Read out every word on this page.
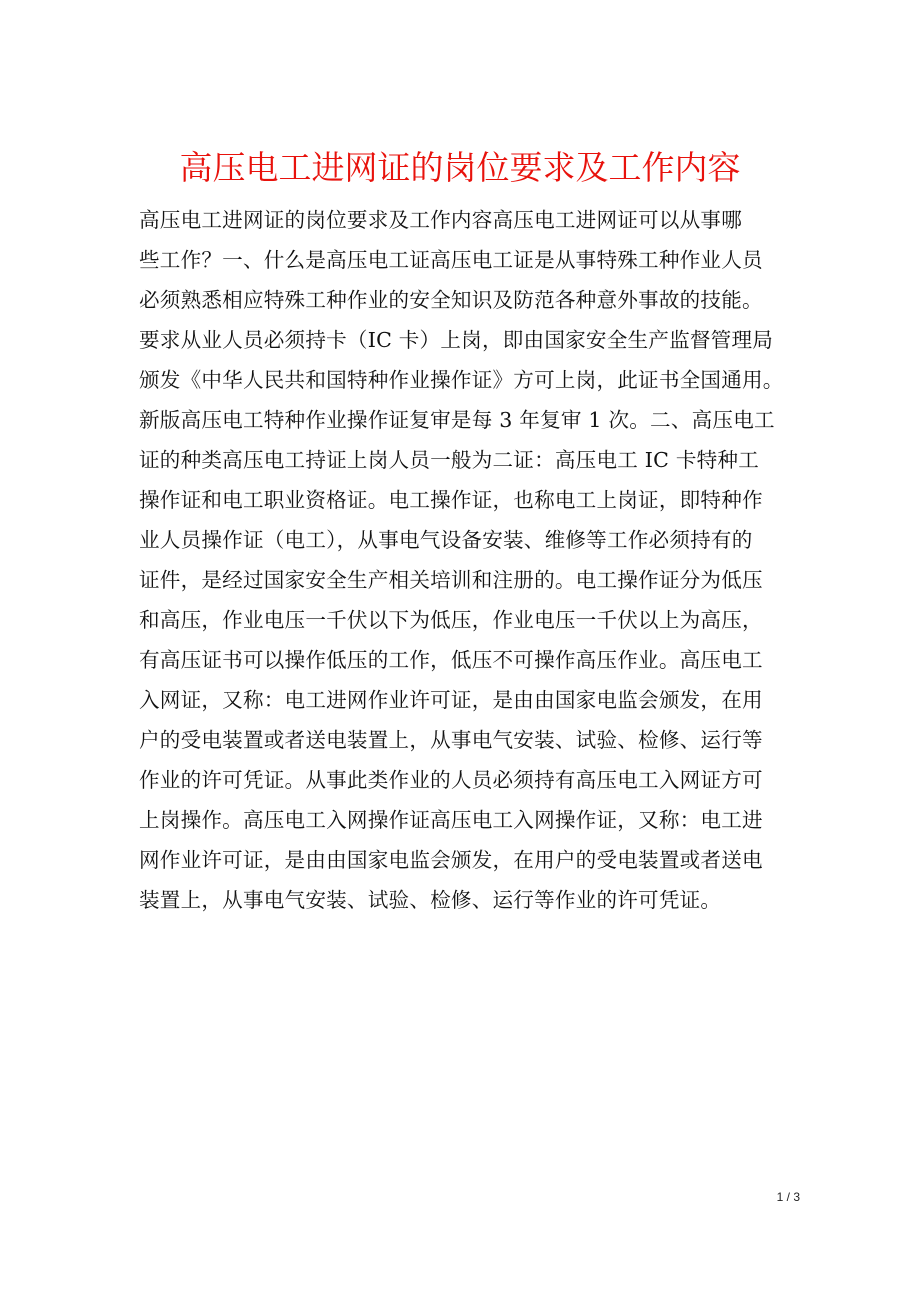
高压电工进网证的岗位要求及工作内容
高压电工进网证的岗位要求及工作内容高压电工进网证可以从事哪
些工作？一、什么是高压电工证高压电工证是从事特殊工种作业人员
必须熟悉相应特殊工种作业的安全知识及防范各种意外事故的技能。
要求从业人员必须持卡（IC 卡）上岗，即由国家安全生产监督管理局
颁发《中华人民共和国特种作业操作证》方可上岗，此证书全国通用。
新版高压电工特种作业操作证复审是每 3 年复审 1 次。二、高压电工
证的种类高压电工持证上岗人员一般为二证：高压电工 IC 卡特种工
操作证和电工职业资格证。电工操作证，也称电工上岗证，即特种作
业人员操作证（电工），从事电气设备安装、维修等工作必须持有的
证件，是经过国家安全生产相关培训和注册的。电工操作证分为低压
和高压，作业电压一千伏以下为低压，作业电压一千伏以上为高压，
有高压证书可以操作低压的工作，低压不可操作高压作业。高压电工
入网证，又称：电工进网作业许可证，是由由国家电监会颁发，在用
户的受电装置或者送电装置上，从事电气安装、试验、检修、运行等
作业的许可凭证。从事此类作业的人员必须持有高压电工入网证方可
上岗操作。高压电工入网操作证高压电工入网操作证，又称：电工进
网作业许可证，是由由国家电监会颁发，在用户的受电装置或者送电
装置上，从事电气安装、试验、检修、运行等作业的许可凭证。
1 / 3
